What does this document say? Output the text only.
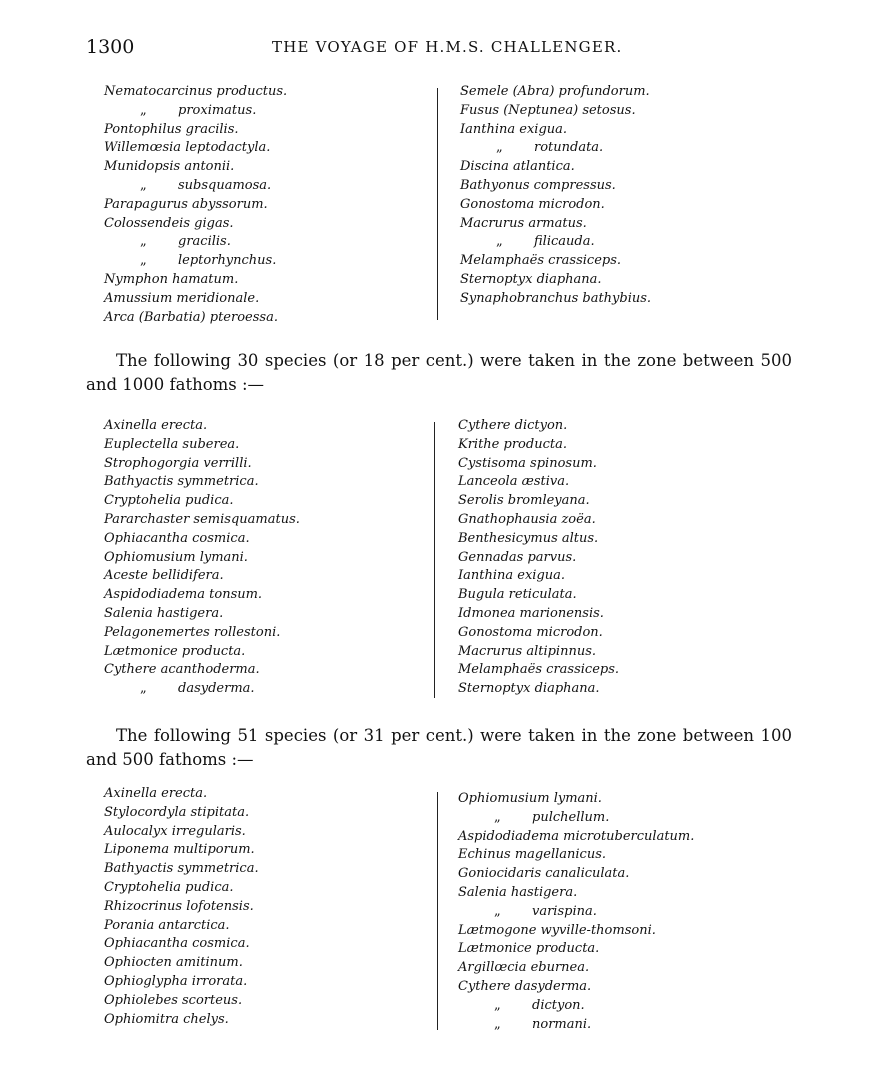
1300	THE VOYAGE OF H.M.S. CHALLENGER.
Nematocarcinus productus.
„ proximatus.
Pontophilus gracilis.
Willemœsia leptodactyla.
Munidopsis antonii.
„ subsquamosa.
Parapagurus abyssorum.
Colossendeis gigas.
„ gracilis.
„ leptorhynchus.
Nymphon hamatum.
Amussium meridionale.
Arca (Barbatia) pteroessa.
Semele (Abra) profundorum.
Fusus (Neptunea) setosus.
Ianthina exigua.
„ rotundata.
Discina atlantica.
Bathyonus compressus.
Gonostoma microdon.
Macrurus armatus.
„ filicauda.
Melamphaës crassiceps.
Sternoptyx diaphana.
Synaphobranchus bathybius.
The following 30 species (or 18 per cent.) were taken in the zone between 500 and 1000 fathoms :—
Axinella erecta.
Euplectella suberea.
Strophogorgia verrilli.
Bathyactis symmetrica.
Cryptohelia pudica.
Pararchaster semisquamatus.
Ophiacantha cosmica.
Ophiomusium lymani.
Aceste bellidifera.
Aspidodiadema tonsum.
Salenia hastigera.
Pelagonemertes rollestoni.
Lætmonice producta.
Cythere acanthoderma.
„ dasyderma.
Cythere dictyon.
Krithe producta.
Cystisoma spinosum.
Lanceola æstiva.
Serolis bromleyana.
Gnathophausia zoëa.
Benthesicymus altus.
Gennadas parvus.
Ianthina exigua.
Bugula reticulata.
Idmonea marionensis.
Gonostoma microdon.
Macrurus altipinnus.
Melamphaës crassiceps.
Sternoptyx diaphana.
The following 51 species (or 31 per cent.) were taken in the zone between 100 and 500 fathoms :—
Axinella erecta.
Stylocordyla stipitata.
Aulocalyx irregularis.
Liponema multiporum.
Bathyactis symmetrica.
Cryptohelia pudica.
Rhizocrinus lofotensis.
Porania antarctica.
Ophiacantha cosmica.
Ophiocten amitinum.
Ophioglypha irrorata.
Ophiolebes scorteus.
Ophiomitra chelys.
Ophiomusium lymani.
„ pulchellum.
Aspidodiadema microtuberculatum.
Echinus magellanicus.
Goniocidaris canaliculata.
Salenia hastigera.
„ varispina.
Lætmogone wyville-thomsoni.
Lætmonice producta.
Argillœcia eburnea.
Cythere dasyderma.
„ dictyon.
„ normani.
